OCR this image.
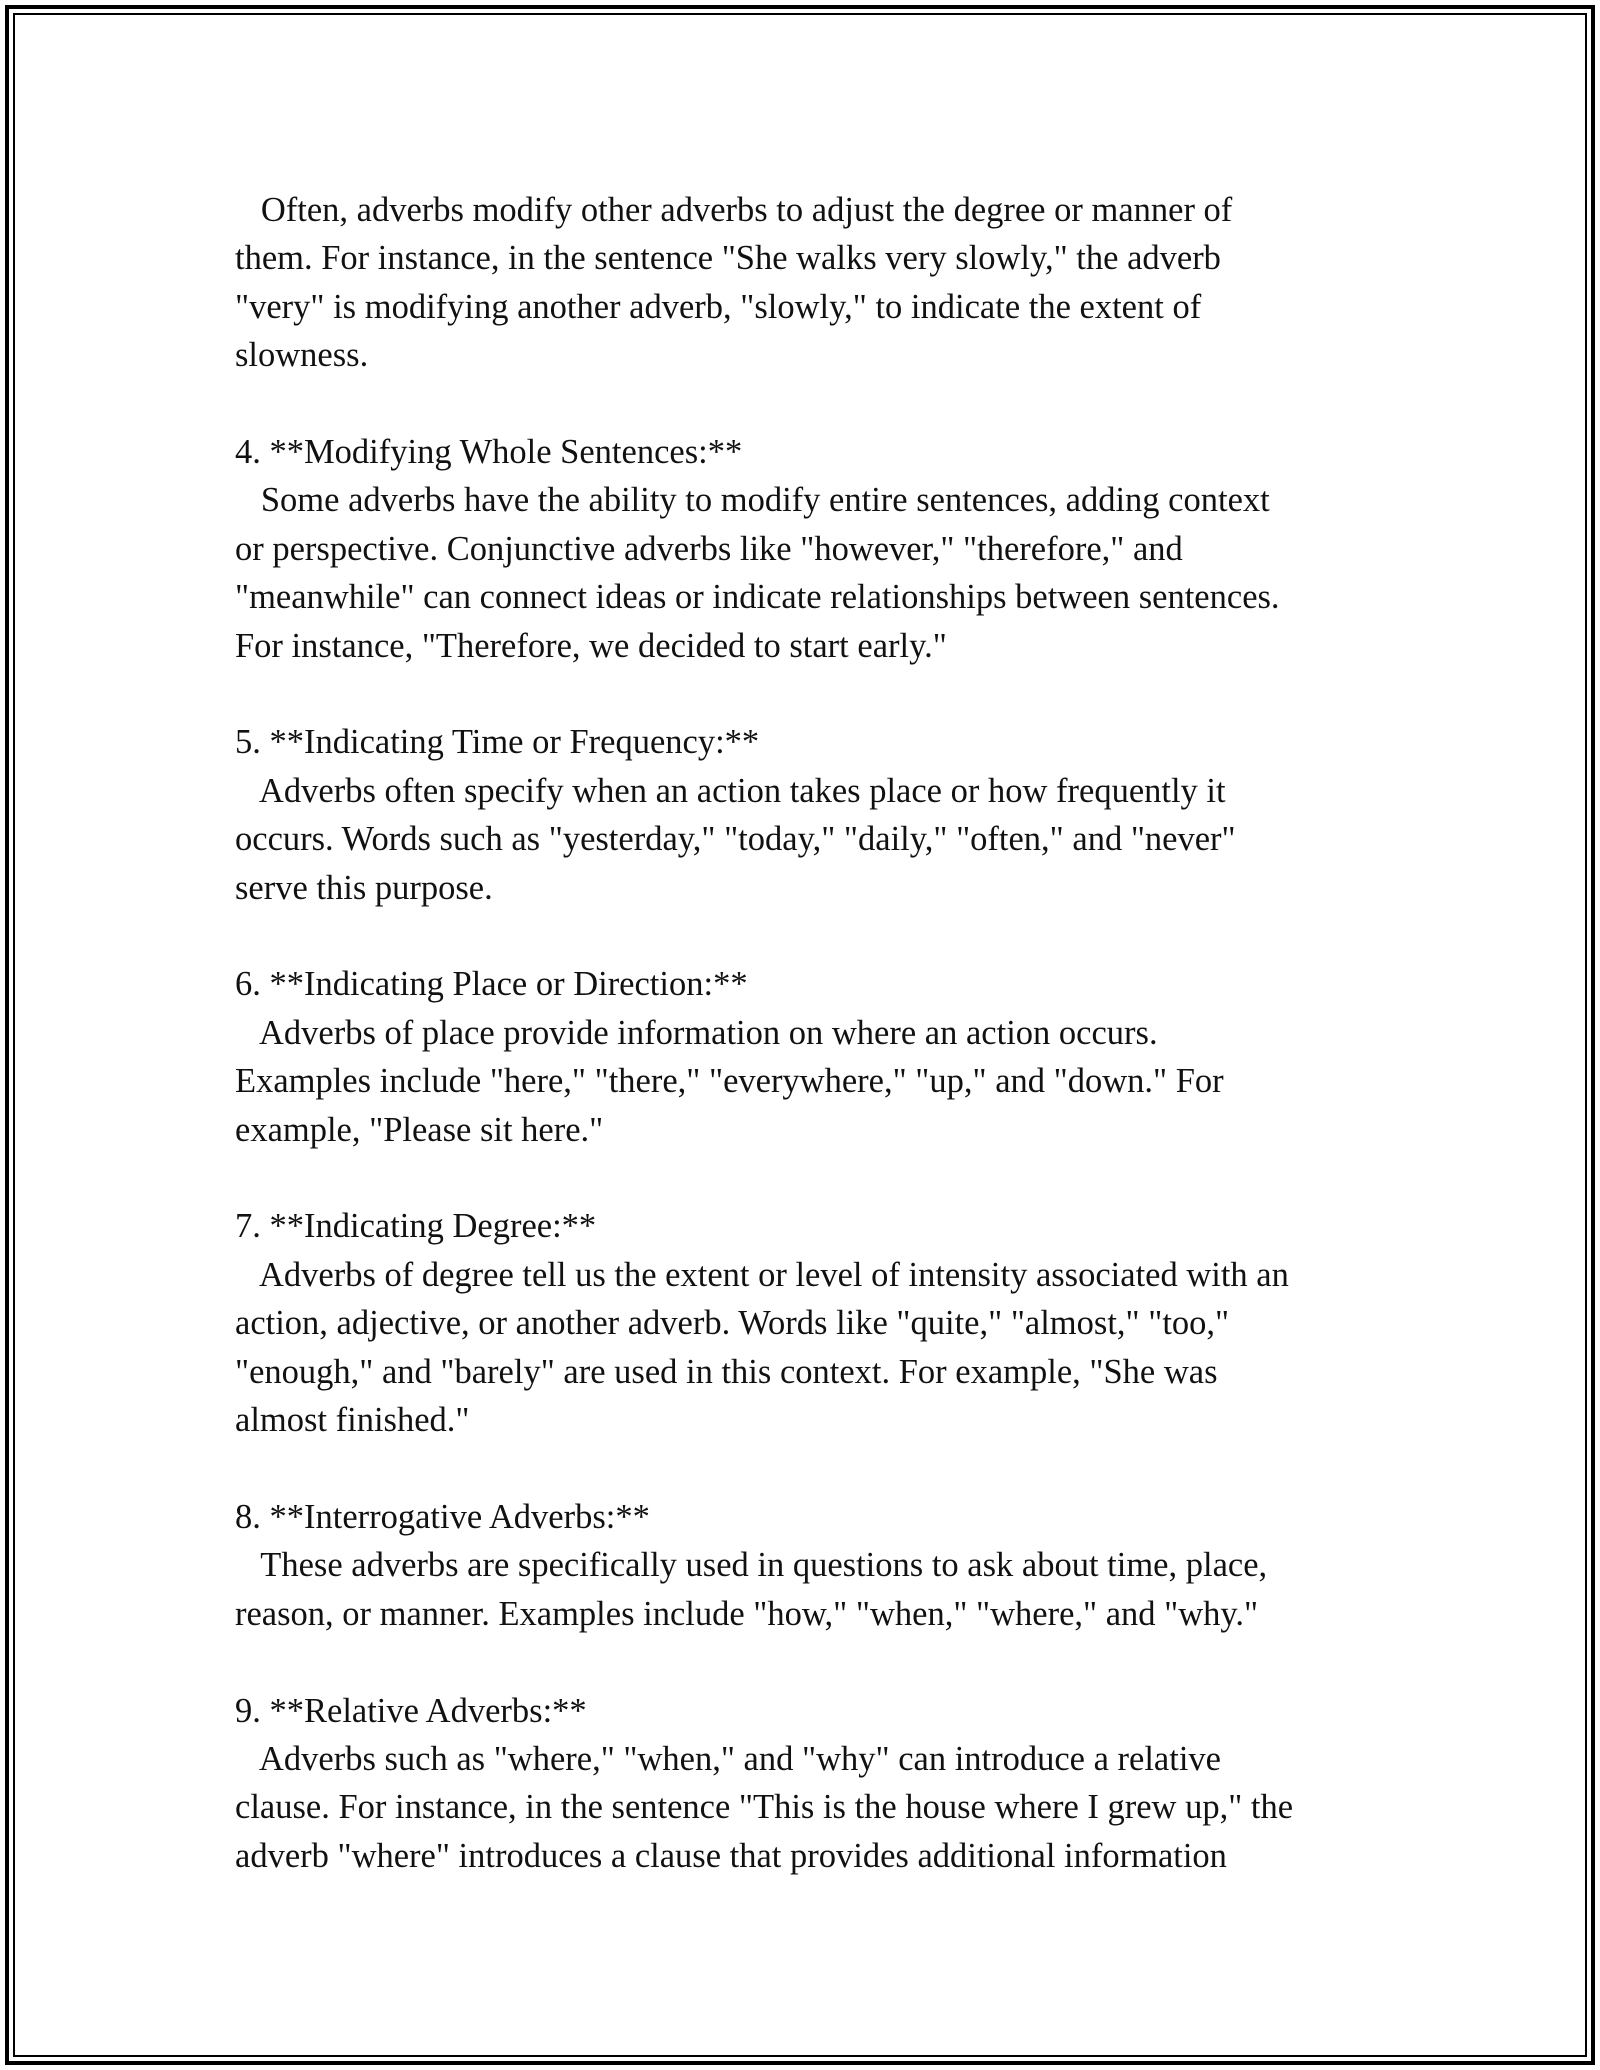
Often, adverbs modify other adverbs to adjust the degree or manner of
them. For instance, in the sentence "She walks very slowly," the adverb
"very" is modifying another adverb, "slowly," to indicate the extent of
slowness.
4. **Modifying Whole Sentences:**
Some adverbs have the ability to modify entire sentences, adding context
or perspective. Conjunctive adverbs like "however," "therefore," and
"meanwhile" can connect ideas or indicate relationships between sentences.
For instance, "Therefore, we decided to start early."
5. **Indicating Time or Frequency:**
Adverbs often specify when an action takes place or how frequently it
occurs. Words such as "yesterday," "today," "daily," "often," and "never"
serve this purpose.
6. **Indicating Place or Direction:**
Adverbs of place provide information on where an action occurs.
Examples include "here," "there," "everywhere," "up," and "down." For
example, "Please sit here."
7. **Indicating Degree:**
Adverbs of degree tell us the extent or level of intensity associated with an
action, adjective, or another adverb. Words like "quite," "almost," "too,"
"enough," and "barely" are used in this context. For example, "She was
almost finished."
8. **Interrogative Adverbs:**
These adverbs are specifically used in questions to ask about time, place,
reason, or manner. Examples include "how," "when," "where," and "why."
9. **Relative Adverbs:**
Adverbs such as "where," "when," and "why" can introduce a relative
clause. For instance, in the sentence "This is the house where I grew up," the
adverb "where" introduces a clause that provides additional information
